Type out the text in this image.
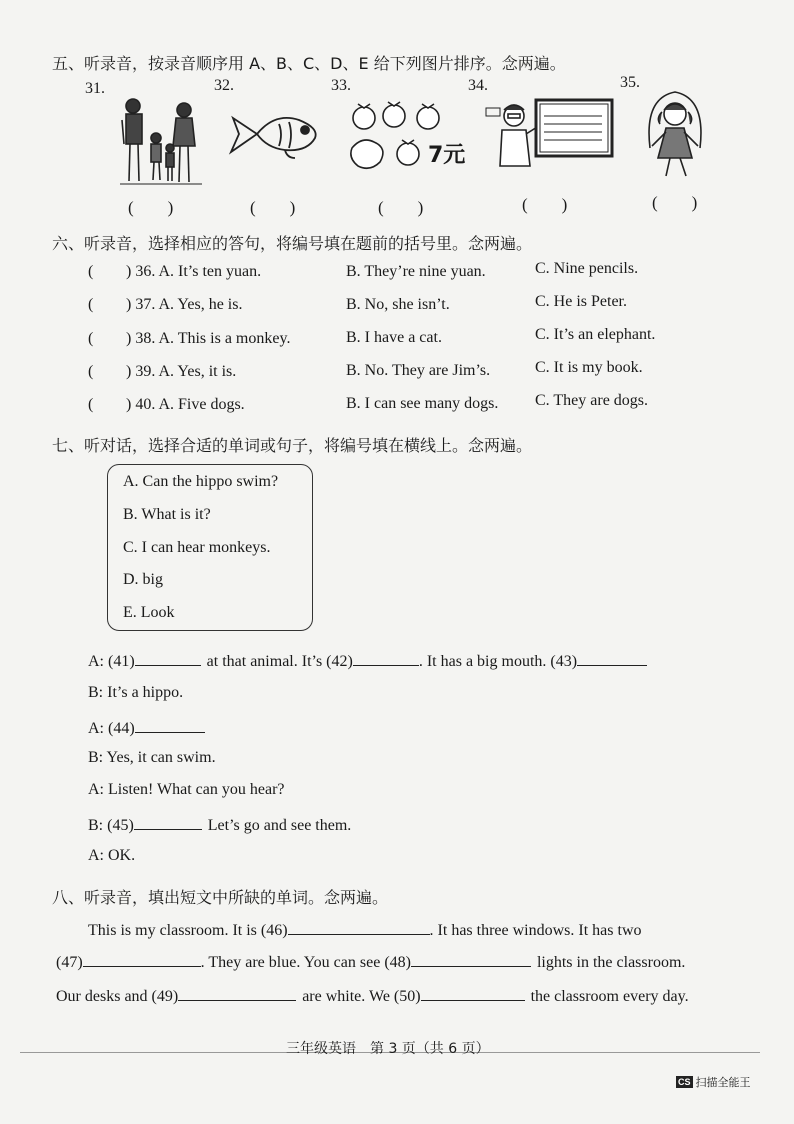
五、听录音，按录音顺序用 A、B、C、D、E 给下列图片排序。念两遍。
31.	32.	33.	34.	35.
7元
(　　)	(　　)	(　　)	(　　)	(　　)
六、听录音，选择相应的答句，将编号填在题前的括号里。念两遍。
( ) 36. A. It’s ten yuan.	B. They’re nine yuan.	C. Nine pencils.
( ) 37. A. Yes, he is.	B. No, she isn’t.	C. He is Peter.
( ) 38. A. This is a monkey.	B. I have a cat.	C. It’s an elephant.
( ) 39. A. Yes, it is.	B. No. They are Jim’s.	C. It is my book.
( ) 40. A. Five dogs.	B. I can see many dogs. C. They are dogs.
七、听对话，选择合适的单词或句子，将编号填在横线上。念两遍。
A. Can the hippo swim?
B. What is it?
C. I can hear monkeys.
D. big
E. Look
A: (41)	at that animal. It’s (42)	. It has a big mouth. (43)
B: It’s a hippo.
A: (44)
B: Yes, it can swim.
A: Listen! What can you hear?
B: (45)	Let’s go and see them.
A: OK.
八、听录音，填出短文中所缺的单词。念两遍。
This is my classroom. It is (46)	. It has three windows. It has two
(47)	. They are blue. You can see (48)	lights in the classroom.
Our desks and (49)	are white. We (50)	the classroom every day.
三年级英语　第 3 页（共 6 页）
CS 扫描全能王
